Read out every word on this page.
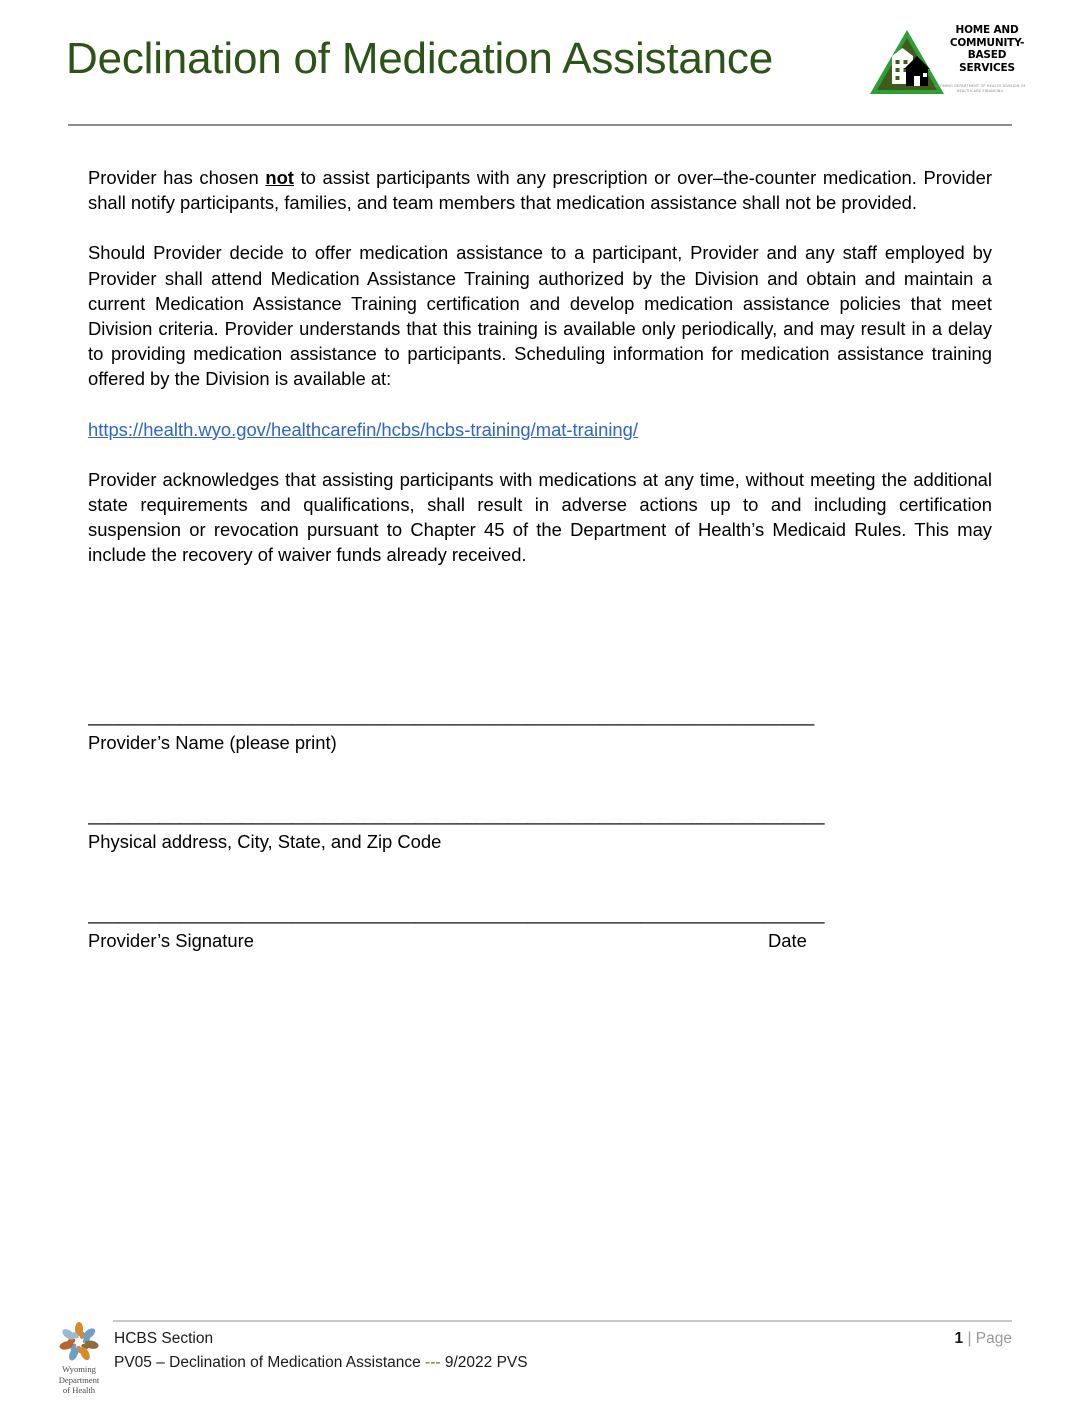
Declination of Medication Assistance
HOME AND
COMMUNITY-
BASED
SERVICES
WYOMING DEPARTMENT OF HEALTH DIVISION OF HEALTHCARE FINANCING

Provider has chosen not to assist participants with any prescription or over–the-counter medication. Provider shall notify participants, families, and team members that medication assistance shall not be provided.

Should Provider decide to offer medication assistance to a participant, Provider and any staff employed by Provider shall attend Medication Assistance Training authorized by the Division and obtain and maintain a current Medication Assistance Training certification and develop medication assistance policies that meet Division criteria. Provider understands that this training is available only periodically, and may result in a delay to providing medication assistance to participants. Scheduling information for medication assistance training offered by the Division is available at:

https://health.wyo.gov/healthcarefin/hcbs/hcbs-training/mat-training/

Provider acknowledges that assisting participants with medications at any time, without meeting the additional state requirements and qualifications, shall result in adverse actions up to and including certification suspension or revocation pursuant to Chapter 45 of the Department of Health’s Medicaid Rules. This may include the recovery of waiver funds already received.

_______________________________________________________________________
Provider’s Name (please print)
________________________________________________________________________
Physical address, City, State, and Zip Code
________________________________________________________________________
Provider’s Signature	Date
Wyoming
Department
of Health
HCBS Section
PV05 – Declination of Medication Assistance --- 9/2022 PVS
1 | Page
